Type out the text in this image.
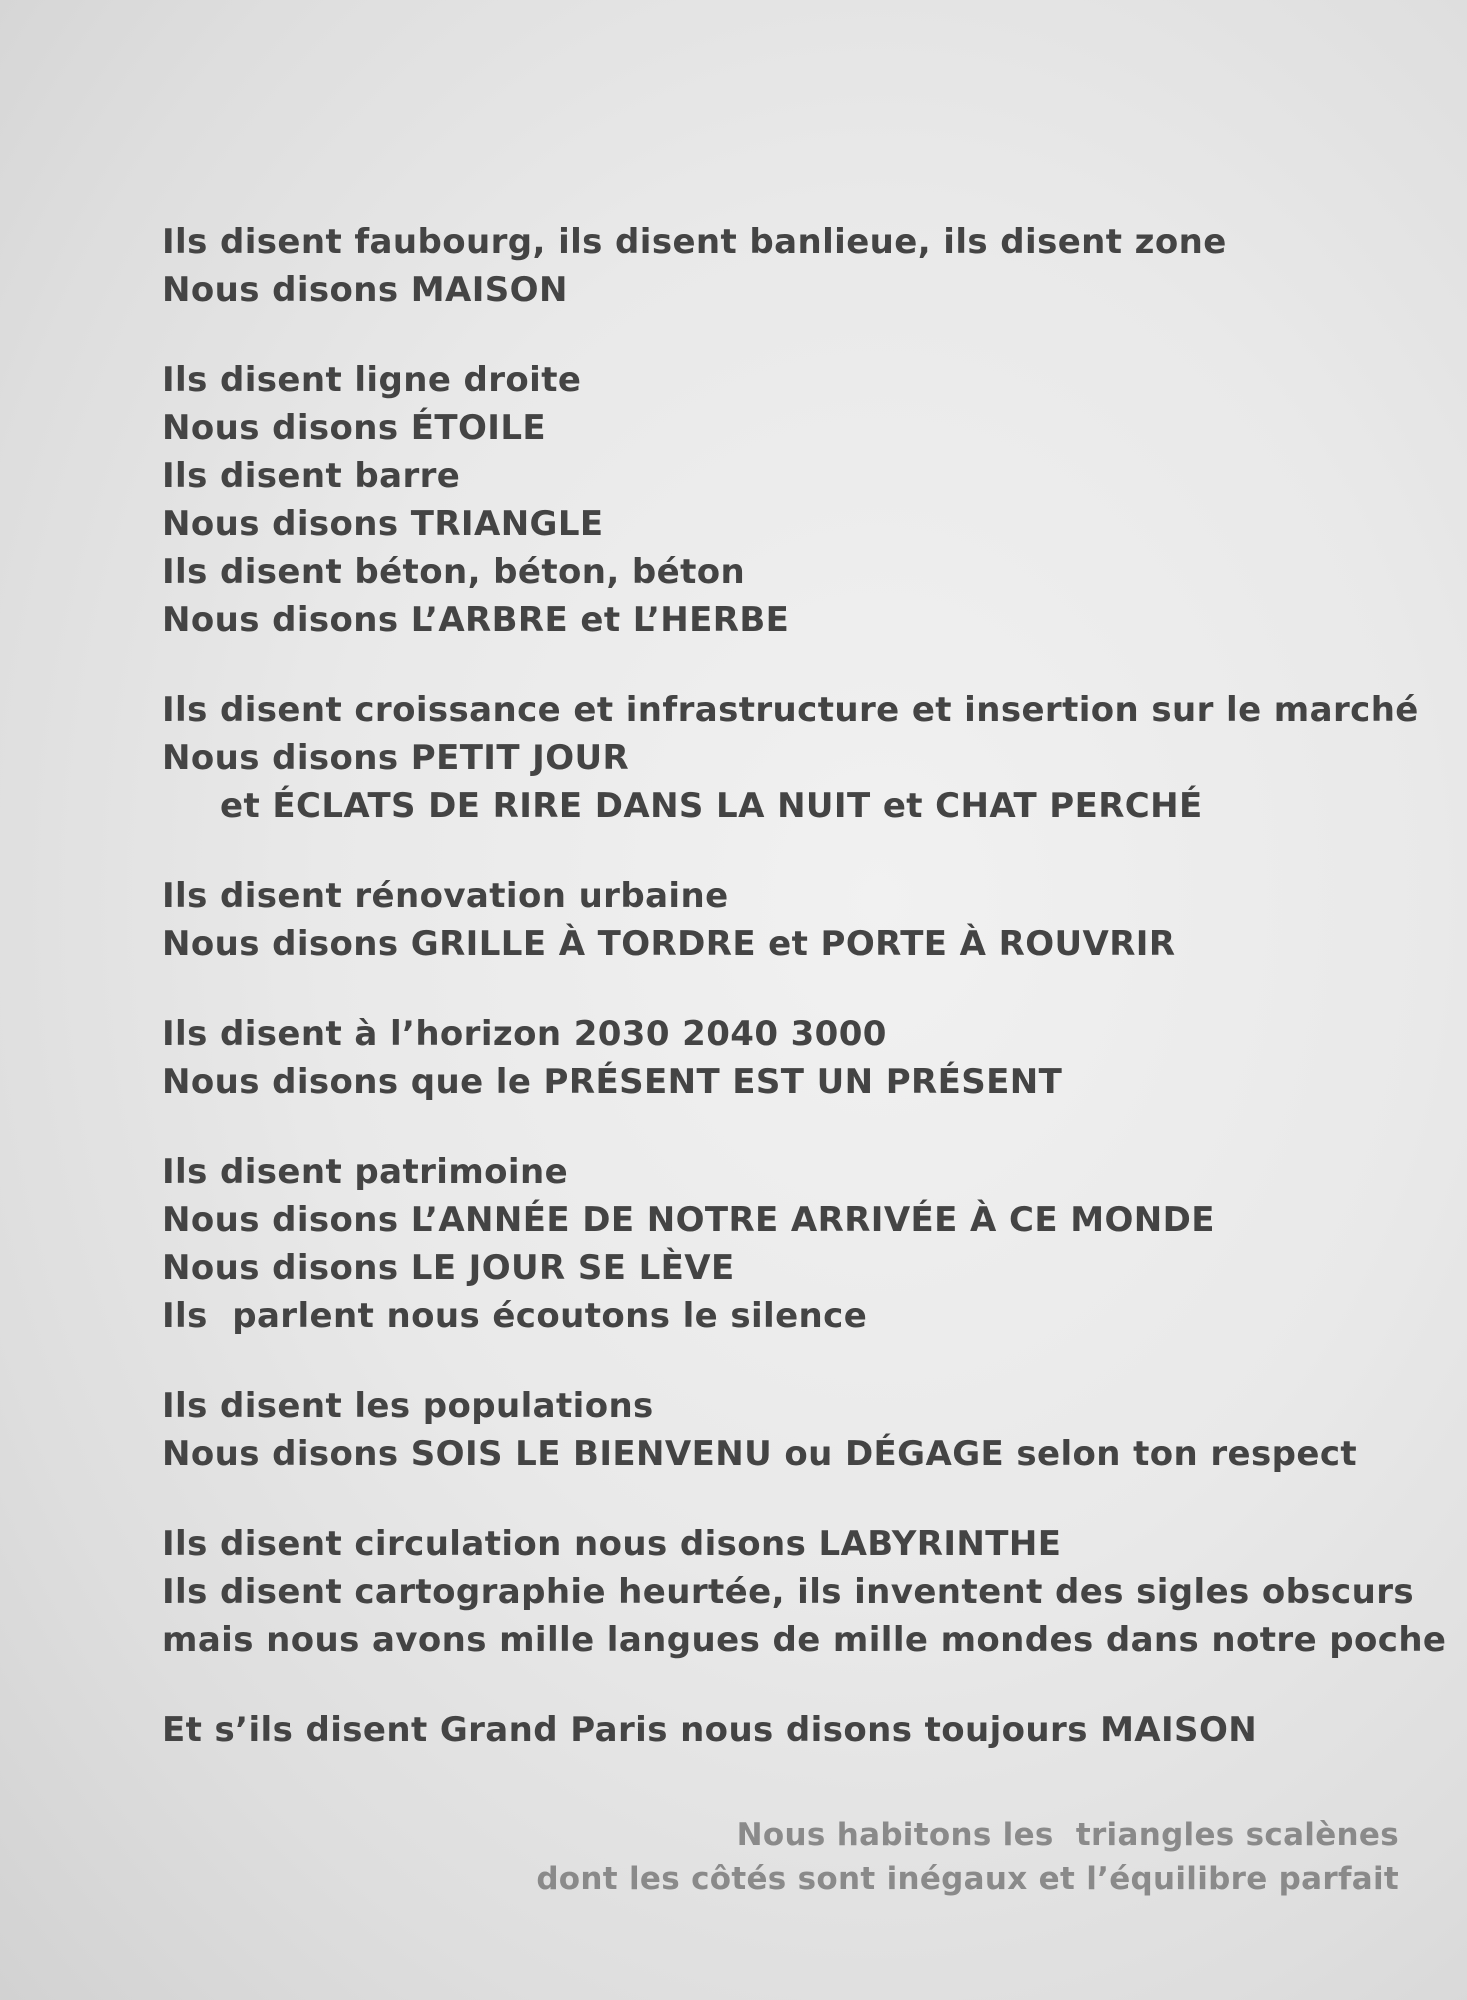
Ils disent faubourg, ils disent banlieue, ils disent zone
Nous disons MAISON
Ils disent ligne droite
Nous disons ÉTOILE
Ils disent barre
Nous disons TRIANGLE
Ils disent béton, béton, béton
Nous disons L’ARBRE et L’HERBE
Ils disent croissance et infrastructure et insertion sur le marché
Nous disons PETIT JOUR
et ÉCLATS DE RIRE DANS LA NUIT et CHAT PERCHÉ
Ils disent rénovation urbaine
Nous disons GRILLE À TORDRE et PORTE À ROUVRIR
Ils disent à l’horizon 2030 2040 3000
Nous disons que le PRÉSENT EST UN PRÉSENT
Ils disent patrimoine
Nous disons L’ANNÉE DE NOTRE ARRIVÉE À CE MONDE
Nous disons LE JOUR SE LÈVE
Ils  parlent nous écoutons le silence
Ils disent les populations
Nous disons SOIS LE BIENVENU ou DÉGAGE selon ton respect
Ils disent circulation nous disons LABYRINTHE
Ils disent cartographie heurtée, ils inventent des sigles obscurs
mais nous avons mille langues de mille mondes dans notre poche
Et s’ils disent Grand Paris nous disons toujours MAISON
Nous habitons les  triangles scalènes
dont les côtés sont inégaux et l’équilibre parfait
